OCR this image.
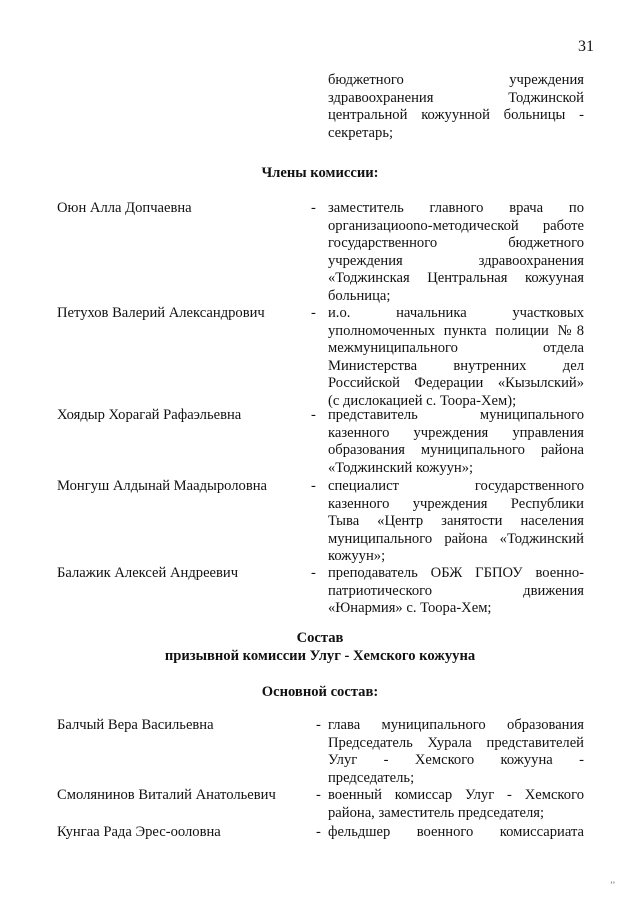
31
бюджетного учреждения
здравоохранения Тоджинской
центральной кожуунной больницы -
секретарь;
Члены комиссии:
Оюн Алла Допчаевна	- заместитель главного врача по
организациоono-методической работе
государственного бюджетного
учреждения здравоохранения
«Тоджинская Центральная кожууная
больница;
Петухов Валерий Александрович	- и.о. начальника участковых
уполномоченных пункта полиции №8
межмуниципального отдела
Министерства внутренних дел
Российской Федерации «Кызылский»
(с дислокацией с. Тоора-Хем);
Хоядыр Хорагай Рафаэльевна	- представитель муниципального
казенного учреждения управления
образования муниципального района
«Тоджинский кожуун»;
Монгуш Алдынай Маадыроловна	- специалист государственного
казенного учреждения Республики
Тыва «Центр занятости населения
муниципального района «Тоджинский
кожуун»;
Балажик Алексей Андреевич	- преподаватель ОБЖ ГБПОУ военно-
патриотического движения
«Юнармия» с. Тоора-Хем;
Состав
призывной комиссии Улуг - Хемского кожууна
Основной состав:
Балчый Вера Васильевна	- глава муниципального образования
Председатель Хурала представителей
Улуг - Хемского кожууна -
председатель;
Смолянинов Виталий Анатольевич	- военный комиссар Улуг - Хемского
района, заместитель председателя;
Кунгаа Рада Эрес-ооловна	- фельдшер военного комиссариата
’’
